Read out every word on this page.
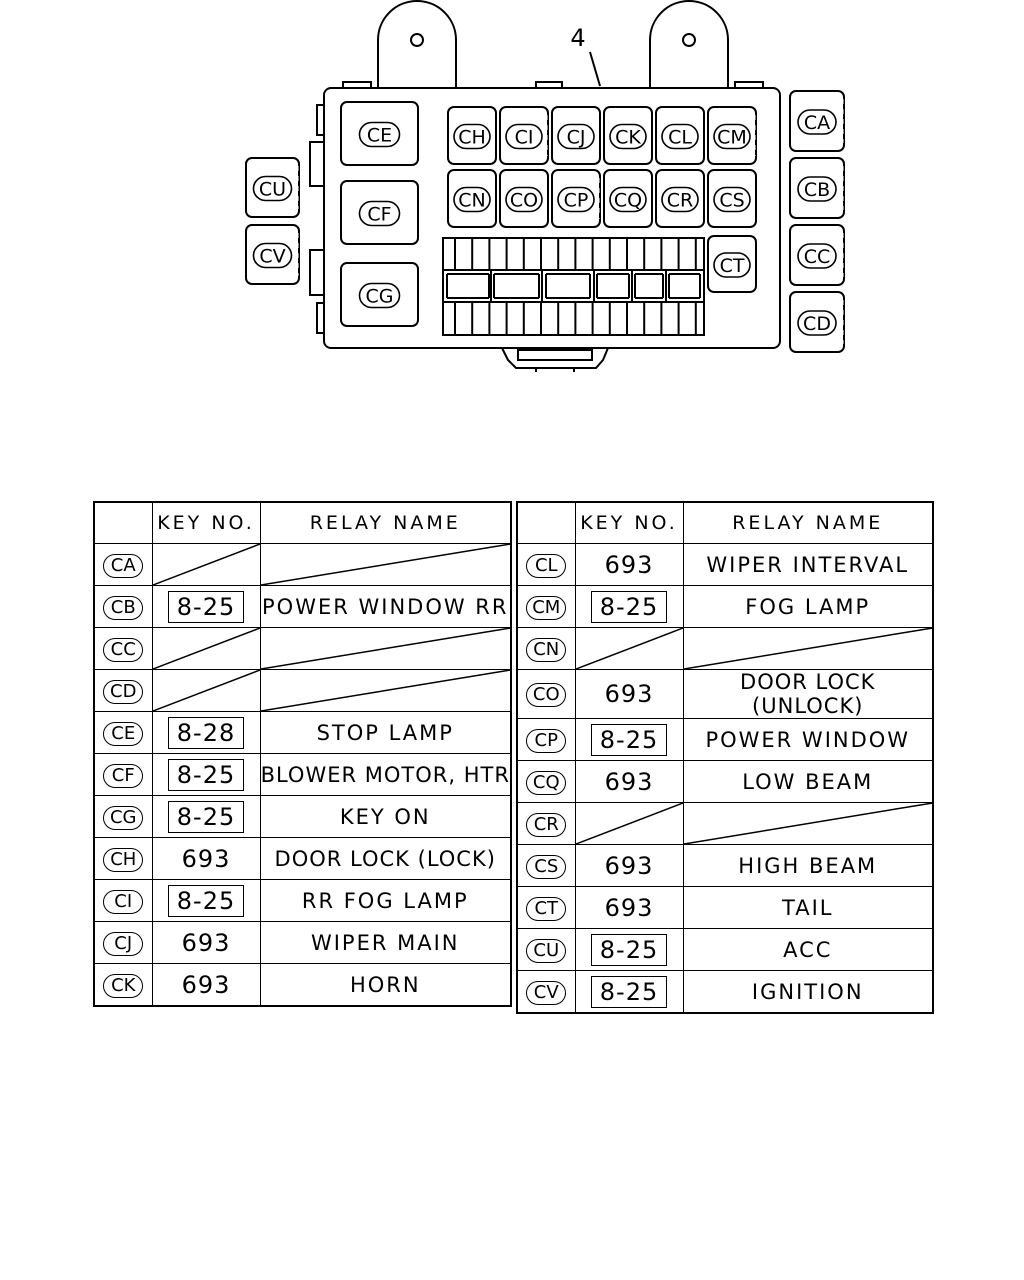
4
CE
CF
CG
CH CI CJ CK CL CM
CN CO CP CQ CR CS
CT
CU
CV
CA
CB
CC
CD
	KEY NO.	RELAY NAME
CA	

CB	8-25	POWER WINDOW RR
CC	

CD	

CE	8-28	STOP LAMP
CF	8-25	BLOWER MOTOR, HTR
CG	8-25	KEY ON
CH	693	DOOR LOCK (LOCK)
CI	8-25	RR FOG LAMP
CJ	693	WIPER MAIN
CK	693	HORN
	KEY NO.	RELAY NAME
CL	693	WIPER INTERVAL
CM	8-25	FOG LAMP
CN	

CO	693	DOOR LOCK (UNLOCK)
CP	8-25	POWER WINDOW
CQ	693	LOW BEAM
CR	

CS	693	HIGH BEAM
CT	693	TAIL
CU	8-25	ACC
CV	8-25	IGNITION
